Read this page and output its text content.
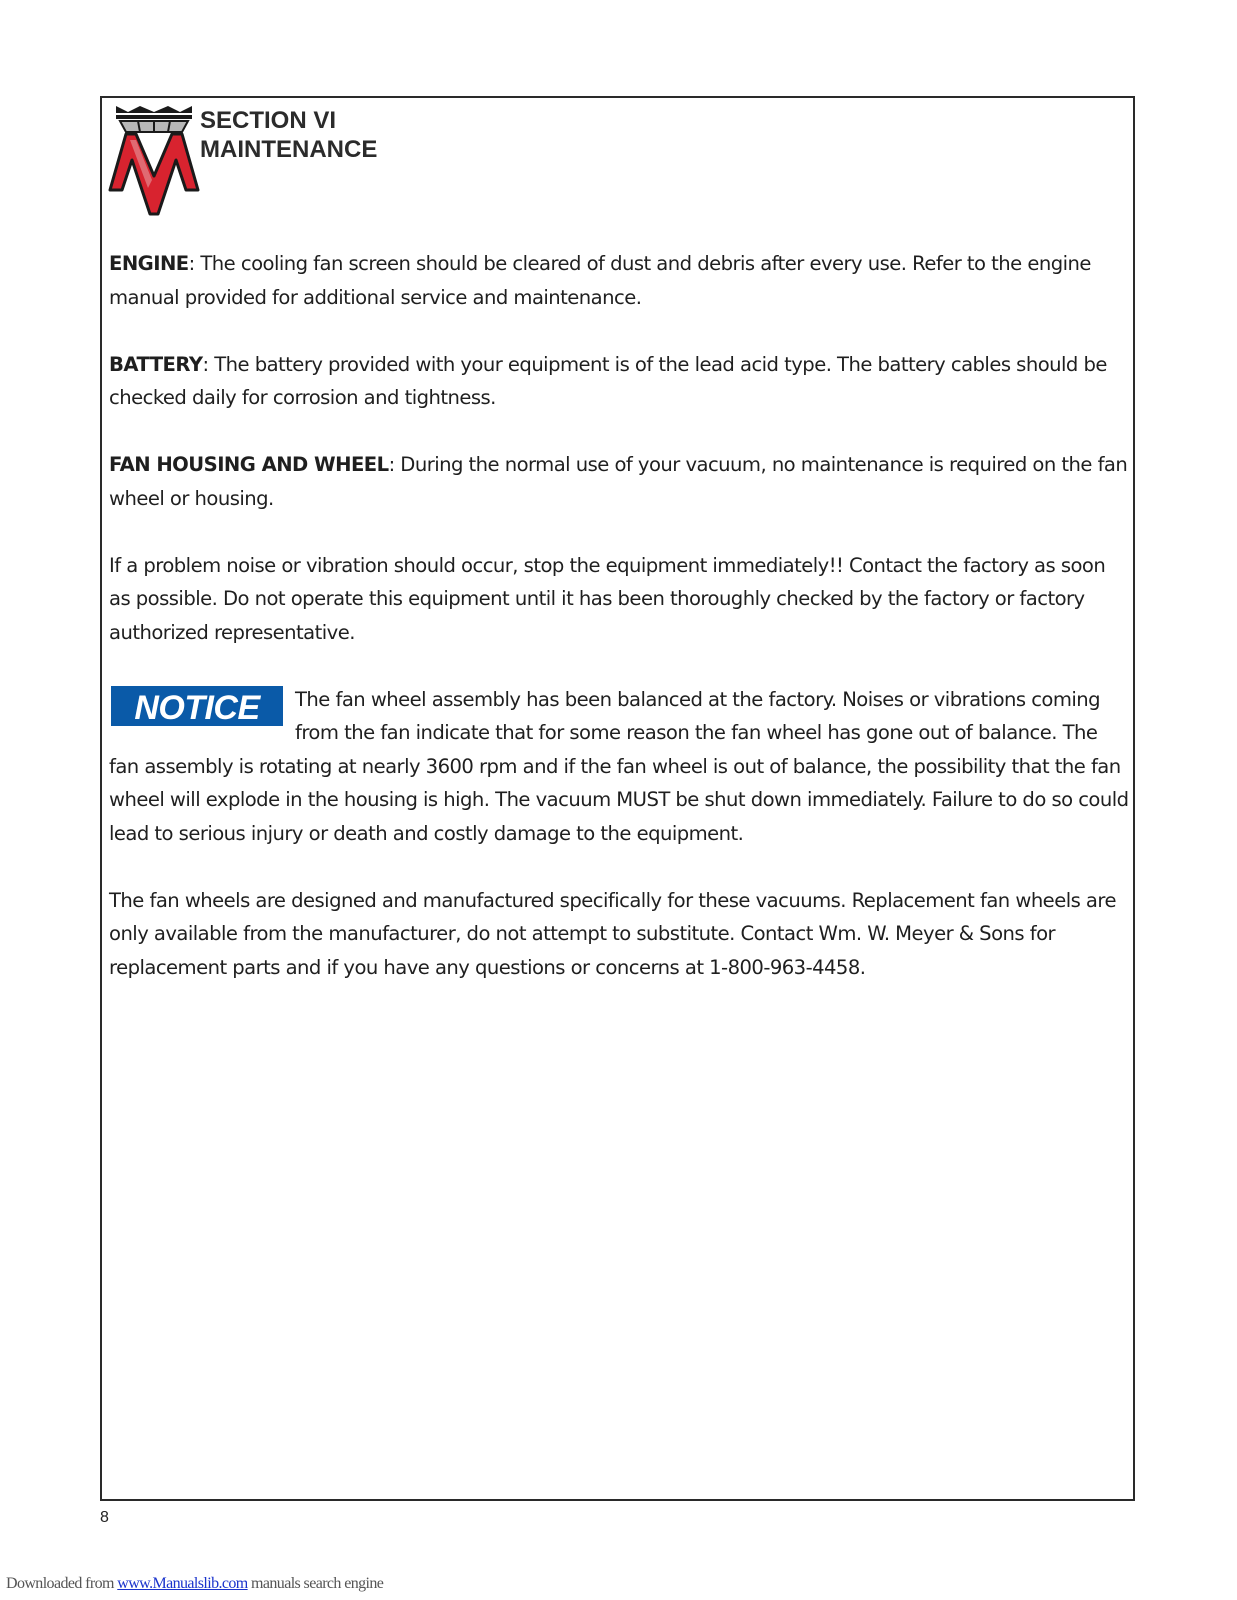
SECTION VI
MAINTENANCE

ENGINE: The cooling fan screen should be cleared of dust and debris after every use. Refer to the engine manual provided for additional service and maintenance.

BATTERY: The battery provided with your equipment is of the lead acid type. The battery cables should be checked daily for corrosion and tightness.

FAN HOUSING AND WHEEL: During the normal use of your vacuum, no maintenance is required on the fan wheel or housing.

If a problem noise or vibration should occur, stop the equipment immediately!! Contact the factory as soon as possible. Do not operate this equipment until it has been thoroughly checked by the factory or factory authorized representative.

NOTICE The fan wheel assembly has been balanced at the factory. Noises or vibrations coming from the fan indicate that for some reason the fan wheel has gone out of balance. The fan assembly is rotating at nearly 3600 rpm and if the fan wheel is out of balance, the possibility that the fan wheel will explode in the housing is high. The vacuum MUST be shut down immediately. Failure to do so could lead to serious injury or death and costly damage to the equipment.

The fan wheels are designed and manufactured specifically for these vacuums. Replacement fan wheels are only available from the manufacturer, do not attempt to substitute. Contact Wm. W. Meyer & Sons for replacement parts and if you have any questions or concerns at 1-800-963-4458.

8
Downloaded from www.Manualslib.com manuals search engine
